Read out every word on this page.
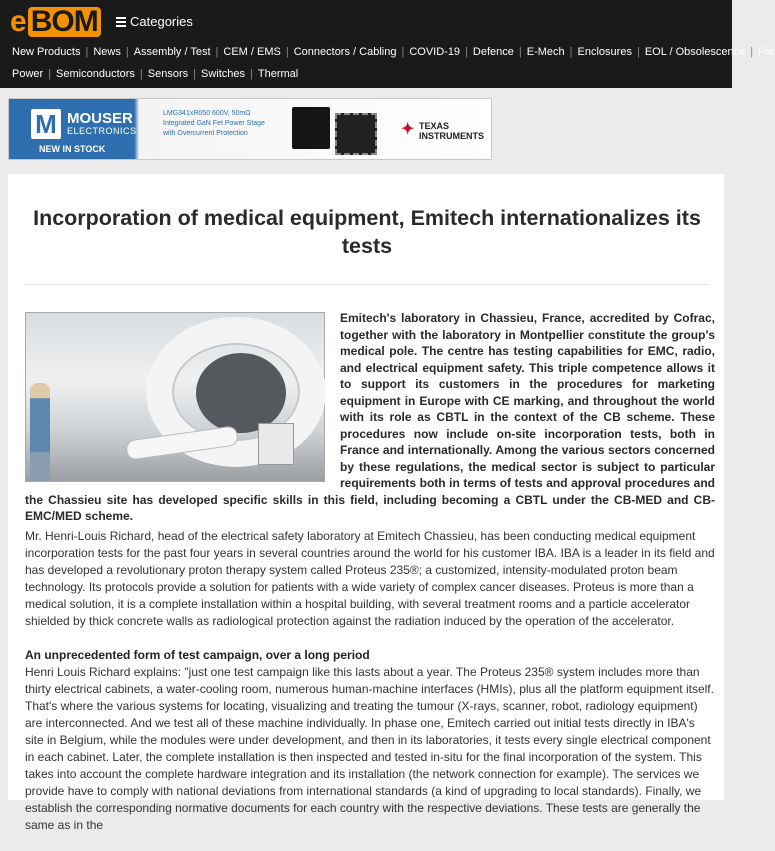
e BOM Categories
New Products | News | Assembly / Test | CEM / EMS | Connectors / Cabling | COVID-19 | Defence | E-Mech | Enclosures | EOL / Obsolescence | Fre
Power | Semiconductors | Sensors | Switches | Thermal
M MOUSER
ELECTRONICS
NEW IN STOCK
LMG341xR050 600V, 50mΩ
Integrated GaN Fet Power Stage
with Overcurrent Protection	✦ TEXAS
INSTRUMENTS
Incorporation of medical equipment, Emitech internationalizes its tests

Emitech's laboratory in Chassieu, France, accredited by Cofrac, together with the laboratory in Montpellier constitute the group's medical pole. The centre has testing capabilities for EMC, radio, and electrical equipment safety. This triple competence allows it to support its customers in the procedures for marketing equipment in Europe with CE marking, and throughout the world with its role as CBTL in the context of the CB scheme. These procedures now include on-site incorporation tests, both in France and internationally. Among the various sectors concerned by these regulations, the medical sector is subject to particular requirements both in terms of tests and approval procedures and the Chassieu site has developed specific skills in this field, including becoming a CBTL under the CB-MED and CB-EMC/MED scheme.

Mr. Henri-Louis Richard, head of the electrical safety laboratory at Emitech Chassieu, has been conducting medical equipment incorporation tests for the past four years in several countries around the world for his customer IBA. IBA is a leader in its field and has developed a revolutionary proton therapy system called Proteus 235®; a customized, intensity-modulated proton beam technology. Its protocols provide a solution for patients with a wide variety of complex cancer diseases. Proteus is more than a medical solution, it is a complete installation within a hospital building, with several treatment rooms and a particle accelerator shielded by thick concrete walls as radiological protection against the radiation induced by the operation of the accelerator.

An unprecedented form of test campaign, over a long period

Henri Louis Richard explains: "just one test campaign like this lasts about a year. The Proteus 235® system includes more than thirty electrical cabinets, a water-cooling room, numerous human-machine interfaces (HMIs), plus all the platform equipment itself.

That's where the various systems for locating, visualizing and treating the tumour (X-rays, scanner, robot, radiology equipment) are interconnected. And we test all of these machine individually. In phase one, Emitech carried out initial tests directly in IBA's site in Belgium, while the modules were under development, and then in its laboratories, it tests every single electrical component in each cabinet. Later, the complete installation is then inspected and tested in-situ for the final incorporation of the system. This takes into account the complete hardware integration and its installation (the network connection for example). The services we provide have to comply with national deviations from international standards (a kind of upgrading to local standards). Finally, we establish the corresponding normative documents for each country with the respective deviations. These tests are generally the same as in the
